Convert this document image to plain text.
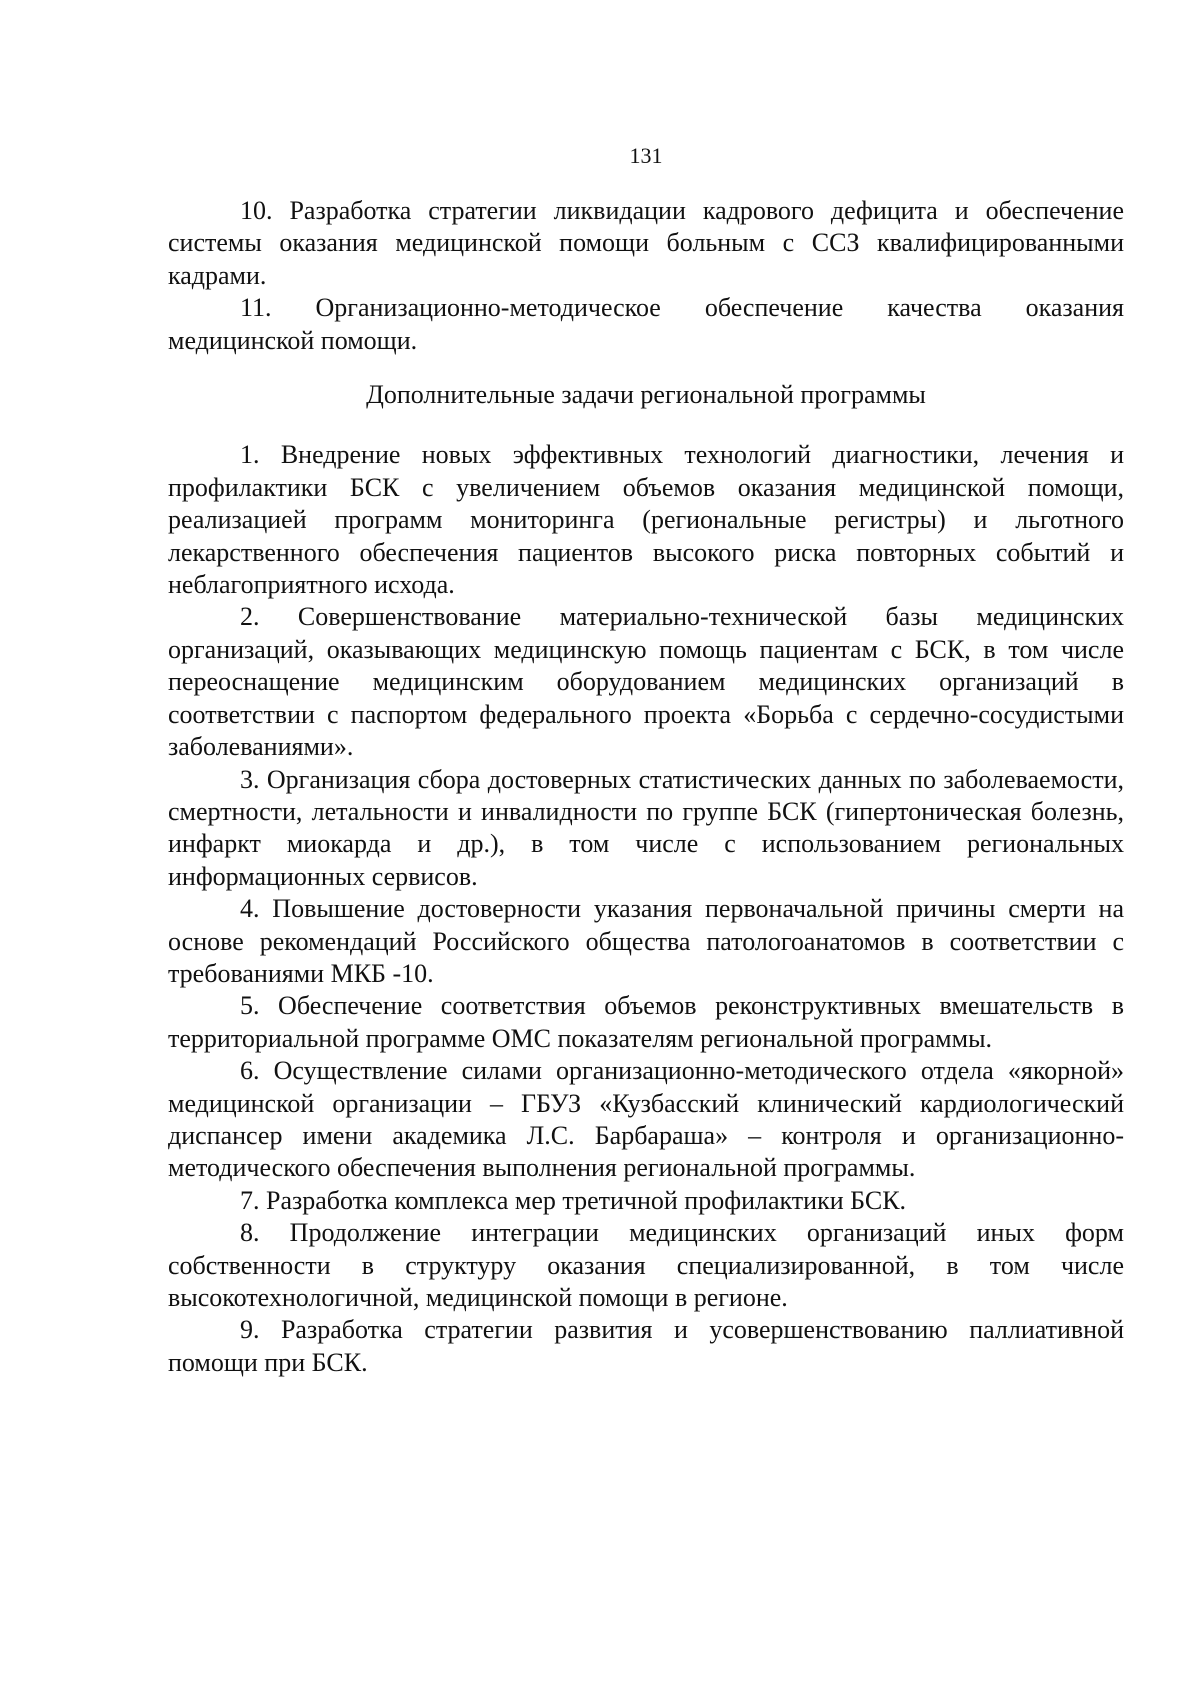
131

10. Разработка стратегии ликвидации кадрового дефицита и обеспечение системы оказания медицинской помощи больным с ССЗ квалифицированными кадрами.

11. Организационно-методическое обеспечение качества оказания медицинской помощи.

Дополнительные задачи региональной программы

1. Внедрение новых эффективных технологий диагностики, лечения и профилактики БСК с увеличением объемов оказания медицинской помощи, реализацией программ мониторинга (региональные регистры) и льготного лекарственного обеспечения пациентов высокого риска повторных событий и неблагоприятного исхода.

2. Совершенствование материально-технической базы медицинских организаций, оказывающих медицинскую помощь пациентам с БСК, в том числе переоснащение медицинским оборудованием медицинских организаций в соответствии с паспортом федерального проекта «Борьба с сердечно-сосудистыми заболеваниями».

3. Организация сбора достоверных статистических данных по заболеваемости, смертности, летальности и инвалидности по группе БСК (гипертоническая болезнь, инфаркт миокарда и др.), в том числе с использованием региональных информационных сервисов.

4. Повышение достоверности указания первоначальной причины смерти на основе рекомендаций Российского общества патологоанатомов в соответствии с требованиями МКБ -10.

5. Обеспечение соответствия объемов реконструктивных вмешательств в территориальной программе ОМС показателям региональной программы.

6. Осуществление силами организационно-методического отдела «якорной» медицинской организации – ГБУЗ «Кузбасский клинический кардиологический диспансер имени академика Л.С. Барбараша» – контроля и организационно-методического обеспечения выполнения региональной программы.

7. Разработка комплекса мер третичной профилактики БСК.

8. Продолжение интеграции медицинских организаций иных форм собственности в структуру оказания специализированной, в том числе высокотехнологичной, медицинской помощи в регионе.

9. Разработка стратегии развития и усовершенствованию паллиативной помощи при БСК.
